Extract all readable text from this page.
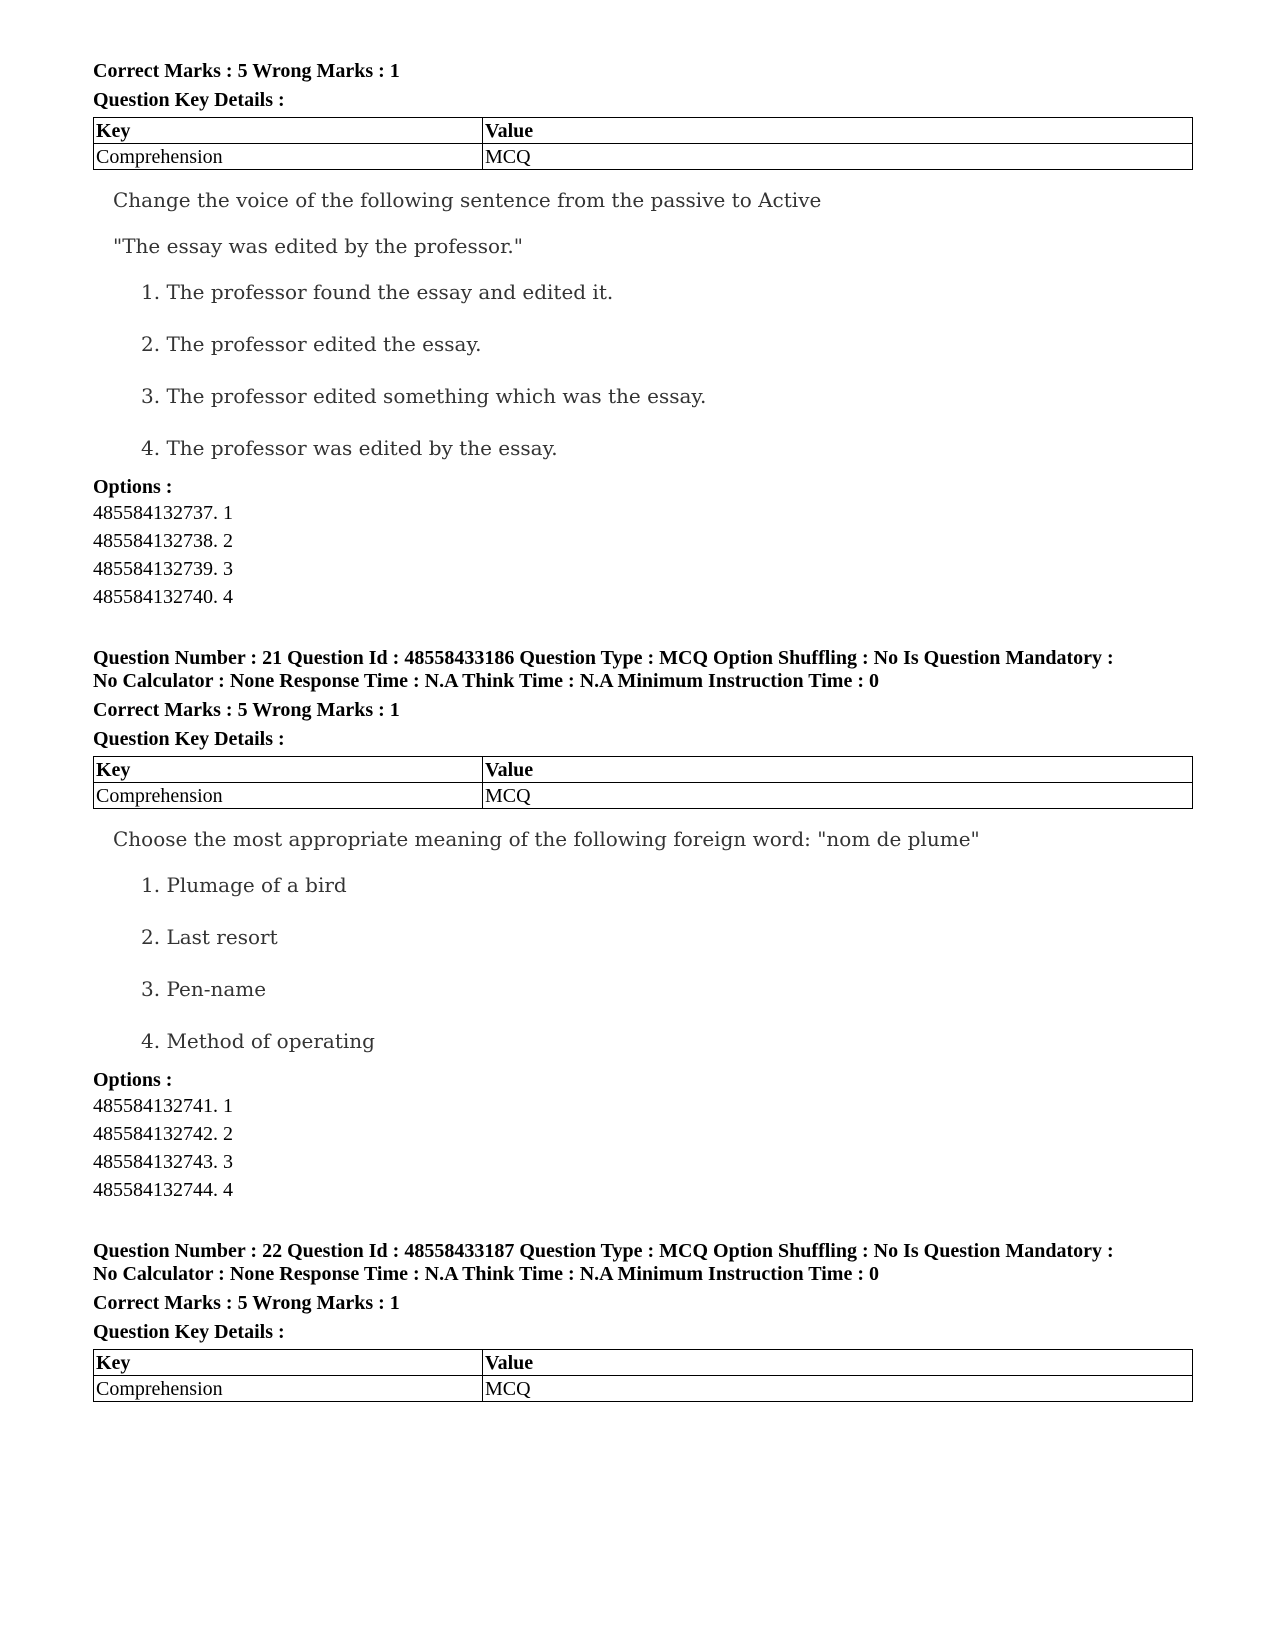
Correct Marks : 5 Wrong Marks : 1
Question Key Details :
Key	Value
Comprehension	MCQ
Change the voice of the following sentence from the passive to Active
"The essay was edited by the professor."
1. The professor found the essay and edited it.
2. The professor edited the essay.
3. The professor edited something which was the essay.
4. The professor was edited by the essay.
Options :
485584132737. 1
485584132738. 2
485584132739. 3
485584132740. 4
Question Number : 21 Question Id : 48558433186 Question Type : MCQ Option Shuffling : No Is Question Mandatory :
No Calculator : None Response Time : N.A Think Time : N.A Minimum Instruction Time : 0
Correct Marks : 5 Wrong Marks : 1
Question Key Details :
Key	Value
Comprehension	MCQ
Choose the most appropriate meaning of the following foreign word: "nom de plume"
1. Plumage of a bird
2. Last resort
3. Pen-name
4. Method of operating
Options :
485584132741. 1
485584132742. 2
485584132743. 3
485584132744. 4
Question Number : 22 Question Id : 48558433187 Question Type : MCQ Option Shuffling : No Is Question Mandatory :
No Calculator : None Response Time : N.A Think Time : N.A Minimum Instruction Time : 0
Correct Marks : 5 Wrong Marks : 1
Question Key Details :
Key	Value
Comprehension	MCQ
